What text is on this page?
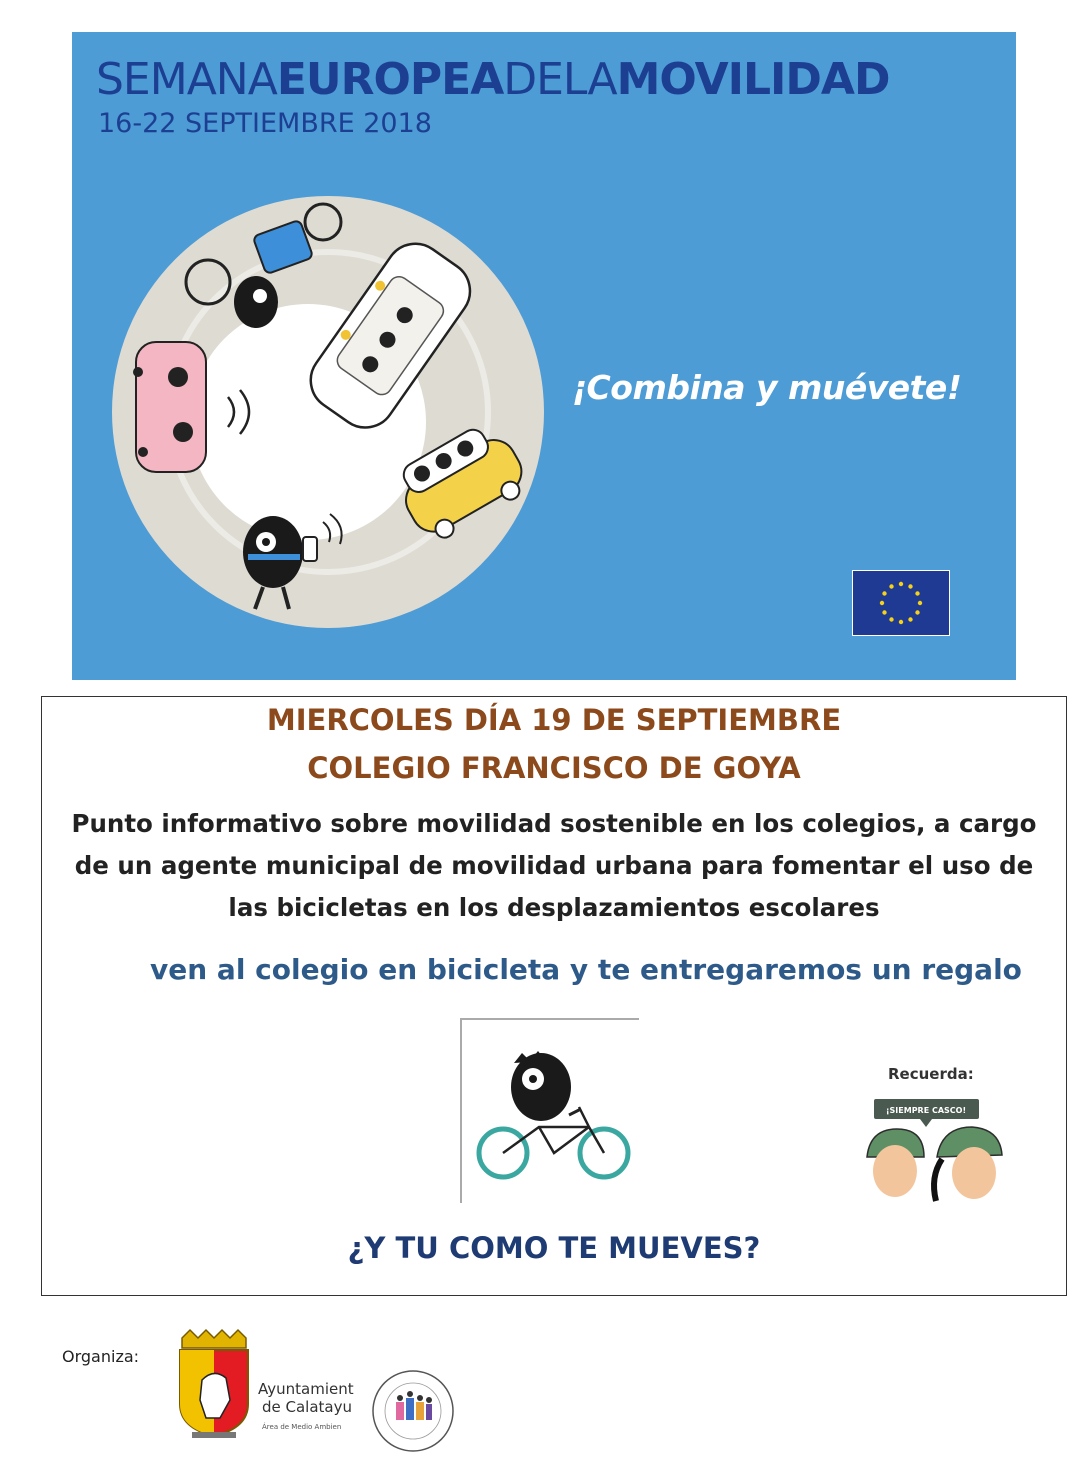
SEMANAEUROPEADELAMOVILIDAD
16-22 SEPTIEMBRE 2018
¡Combina y muévete!
MIERCOLES DÍA 19 DE SEPTIEMBRE
COLEGIO FRANCISCO DE GOYA
Punto informativo sobre movilidad sostenible en los colegios, a cargo de un agente municipal de movilidad urbana para fomentar el uso de las bicicletas en los desplazamientos escolares
ven al colegio en bicicleta y te entregaremos un regalo
Recuerda:
¡SIEMPRE CASCO!
¿Y TU COMO TE MUEVES?
Organiza:
Ayuntamient
de Calatayu
Área de Medio Ambien
